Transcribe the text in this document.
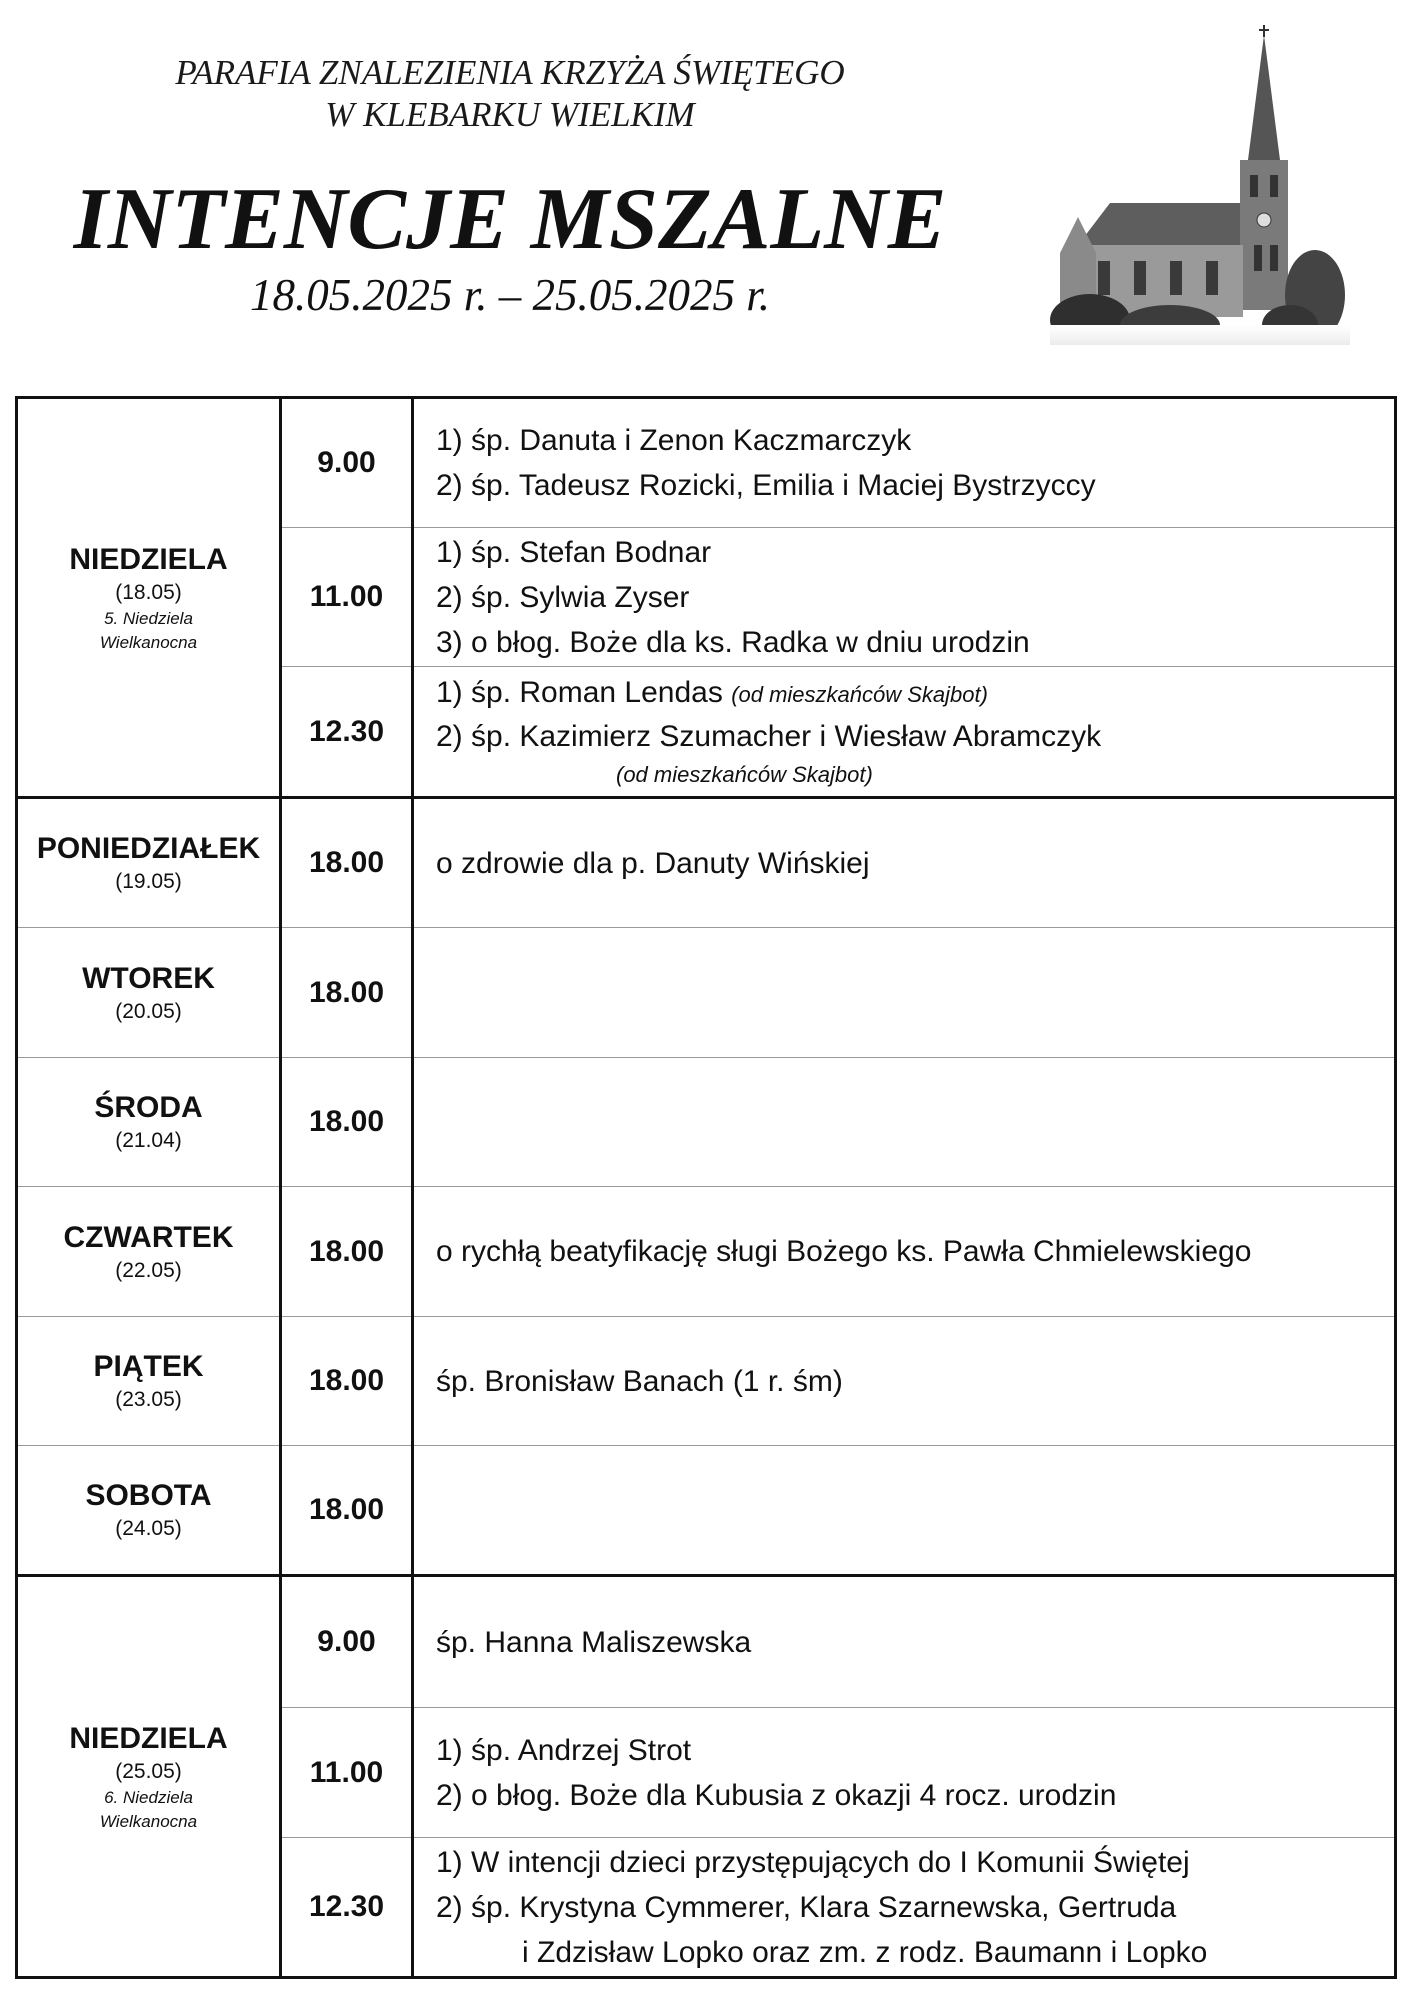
PARAFIA ZNALEZIENIA KRZYŻA ŚWIĘTEGO
W KLEBARKU WIELKIM
INTENCJE MSZALNE
18.05.2025 r. – 25.05.2025 r.
NIEDZIELA
(18.05)
5. Niedziela
Wielkanocna	9.00	1) śp. Danuta i Zenon Kaczmarczyk
2) śp. Tadeusz Rozicki, Emilia i Maciej Bystrzyccy

	11.00	1) śp. Stefan Bodnar
2) śp. Sylwia Zyser
3) o błog. Boże dla ks. Radka w dniu urodzin

	12.30	1) śp. Roman Lendas (od mieszkańców Skajbot)
2) śp. Kazimierz Szumacher i Wiesław Abramczyk
(od mieszkańców Skajbot)

PONIEDZIAŁEK
(19.05)	18.00	o zdrowie dla p. Danuty Wińskiej

WTOREK
(20.05)	18.00	

ŚRODA
(21.04)	18.00	

CZWARTEK
(22.05)	18.00	o rychłą beatyfikację sługi Bożego ks. Pawła Chmielewskiego

PIĄTEK
(23.05)	18.00	śp. Bronisław Banach (1 r. śm)

SOBOTA
(24.05)	18.00	

NIEDZIELA
(25.05)
6. Niedziela
Wielkanocna	9.00	śp. Hanna Maliszewska

	11.00	1) śp. Andrzej Strot
2) o błog. Boże dla Kubusia z okazji 4 rocz. urodzin

	12.30	1) W intencji dzieci przystępujących do I Komunii Świętej
2) śp. Krystyna Cymmerer, Klara Szarnewska, Gertruda
i Zdzisław Lopko oraz zm. z rodz. Baumann i Lopko
